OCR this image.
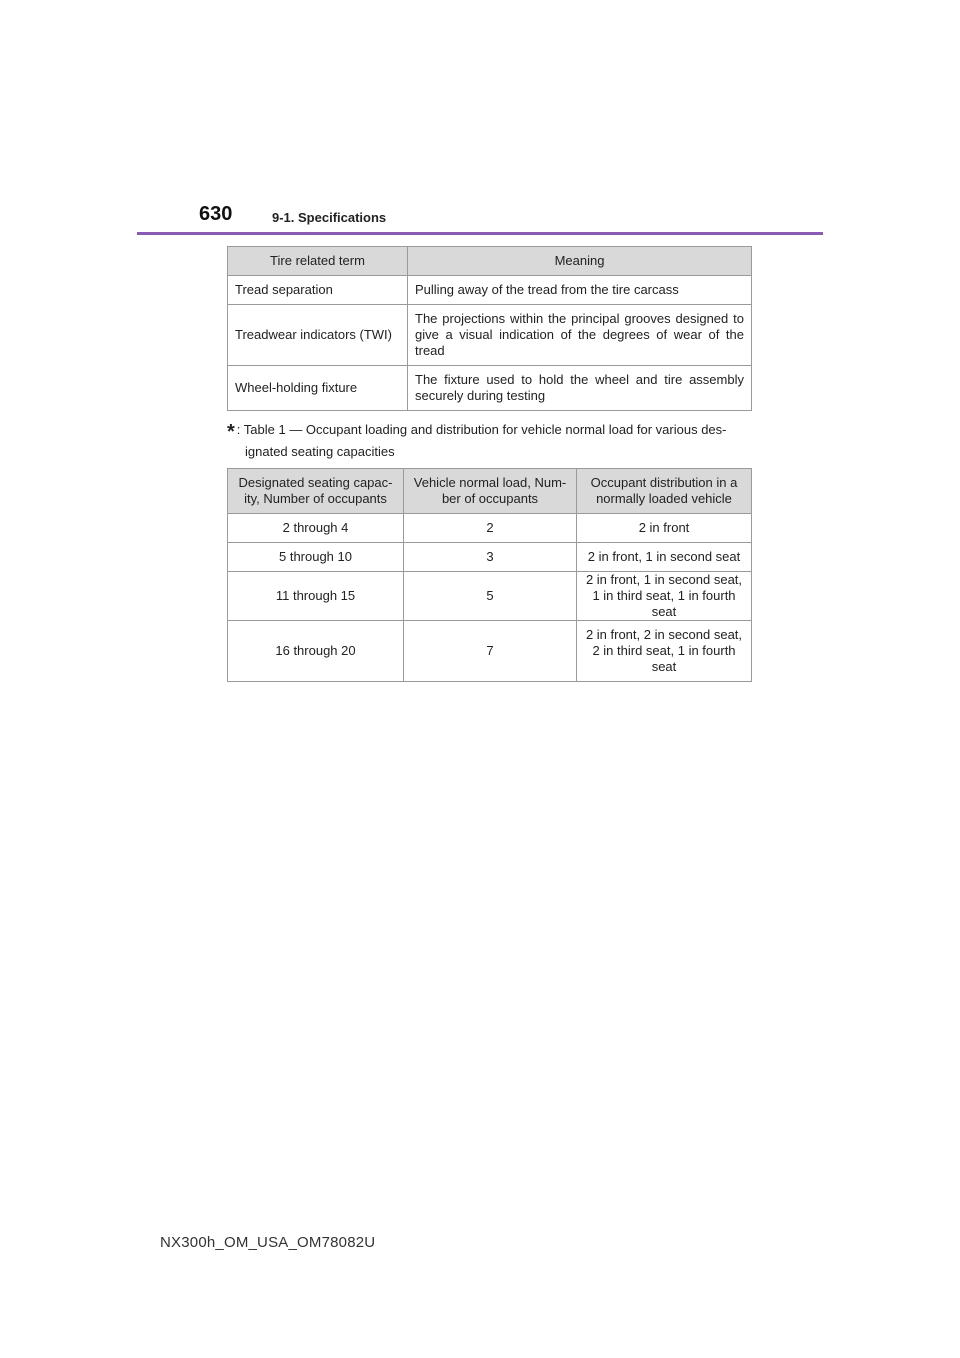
630	9-1. Specifications
Tire related term	Meaning
Tread separation	Pulling away of the tread from the tire carcass
Treadwear indicators (TWI)	The projections within the principal grooves designed to give a visual indication of the degrees of wear of the tread
Wheel-holding fixture	The fixture used to hold the wheel and tire assembly securely during testing
* : Table 1 — Occupant loading and distribution for vehicle normal load for various des-
ignated seating capacities
Designated seating capac-ity, Number of occupants	Vehicle normal load, Num-ber of occupants	Occupant distribution in a normally loaded vehicle
2 through 4	2	2 in front
5 through 10	3	2 in front, 1 in second seat
11 through 15	5	2 in front, 1 in second seat, 1 in third seat, 1 in fourth seat
16 through 20	7	2 in front, 2 in second seat, 2 in third seat, 1 in fourth seat
NX300h_OM_USA_OM78082U
